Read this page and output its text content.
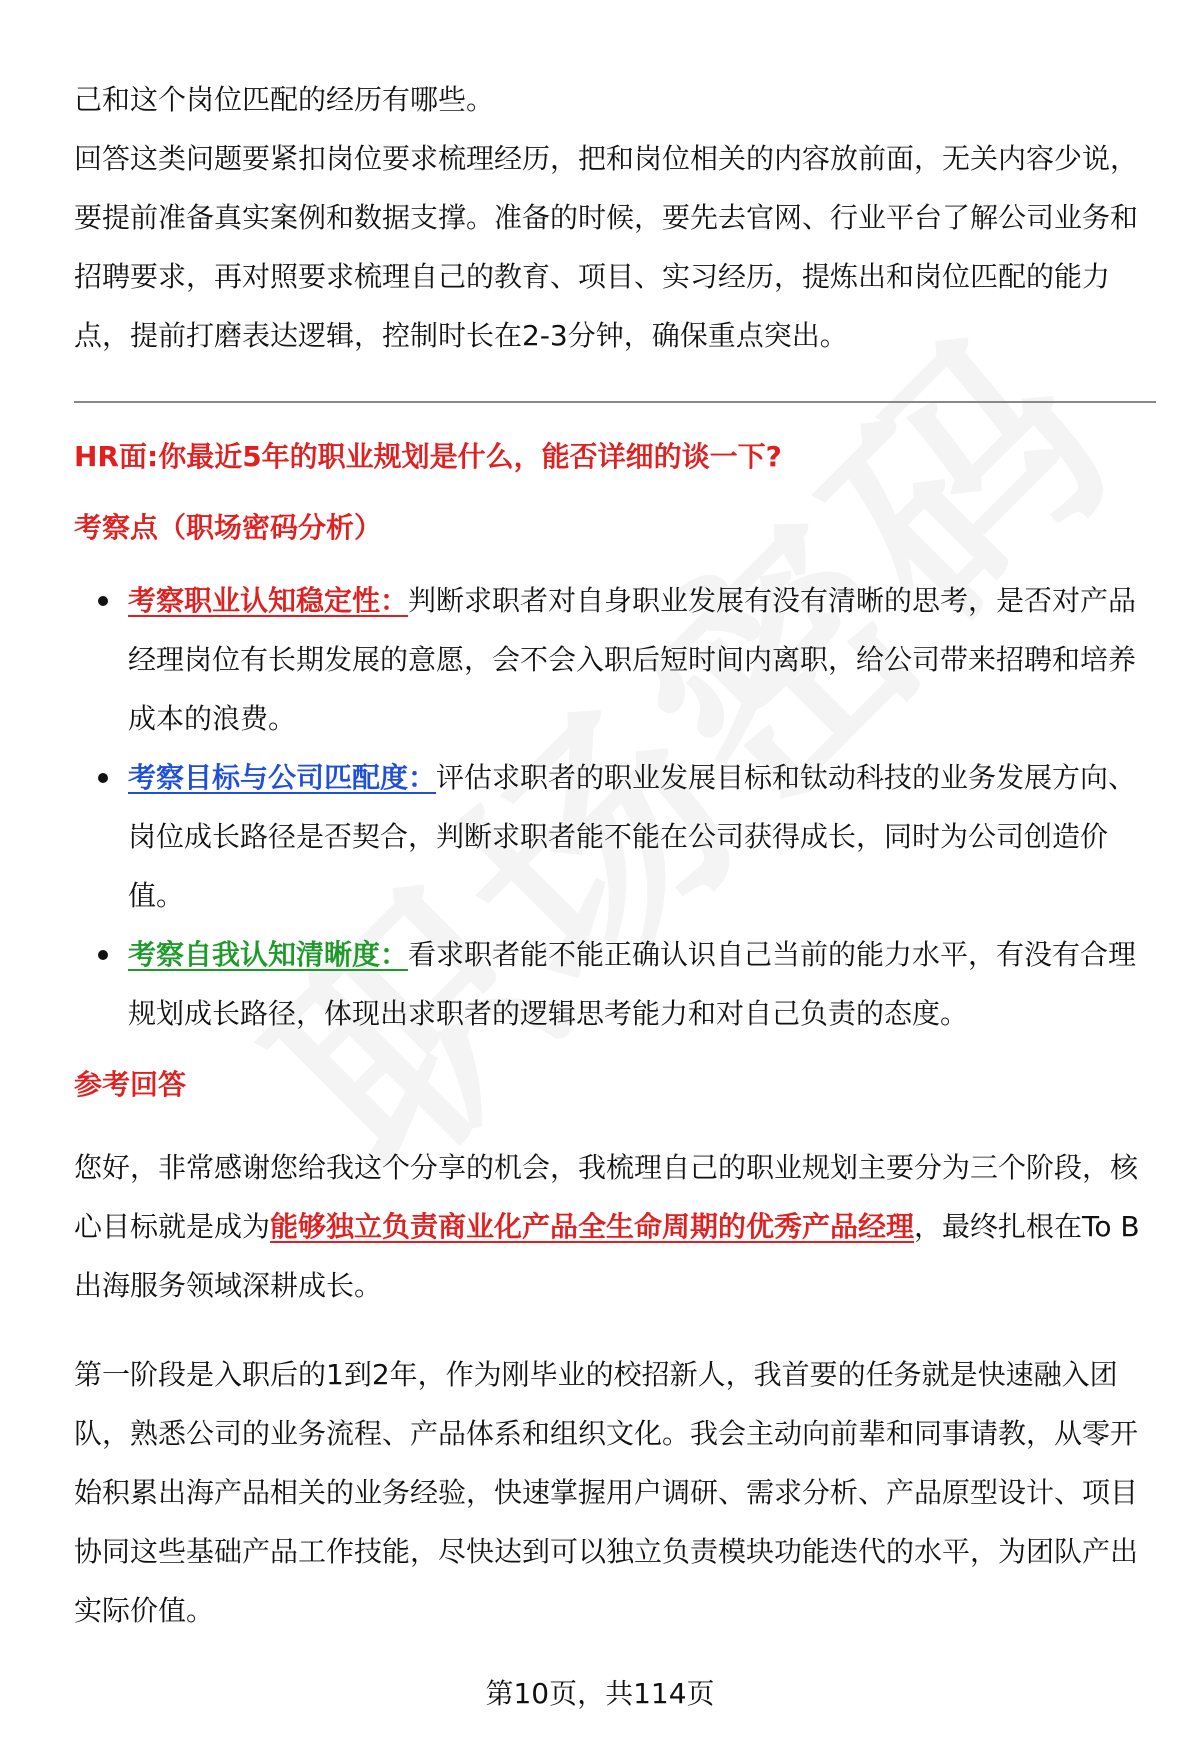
己和这个岗位匹配的经历有哪些。

回答这类问题要紧扣岗位要求梳理经历，把和岗位相关的内容放前面，无关内容少说，要提前准备真实案例和数据支撑。准备的时候，要先去官网、行业平台了解公司业务和招聘要求，再对照要求梳理自己的教育、项目、实习经历，提炼出和岗位匹配的能力点，提前打磨表达逻辑，控制时长在2-3分钟，确保重点突出。

HR面:你最近5年的职业规划是什么，能否详细的谈一下?

考察点（职场密码分析）

考察职业认知稳定性：判断求职者对自身职业发展有没有清晰的思考，是否对产品经理岗位有长期发展的意愿，会不会入职后短时间内离职，给公司带来招聘和培养成本的浪费。
考察目标与公司匹配度：评估求职者的职业发展目标和钛动科技的业务发展方向、岗位成长路径是否契合，判断求职者能不能在公司获得成长，同时为公司创造价值。
考察自我认知清晰度：看求职者能不能正确认识自己当前的能力水平，有没有合理规划成长路径，体现出求职者的逻辑思考能力和对自己负责的态度。

参考回答

您好，非常感谢您给我这个分享的机会，我梳理自己的职业规划主要分为三个阶段，核心目标就是成为能够独立负责商业化产品全生命周期的优秀产品经理，最终扎根在To B出海服务领域深耕成长。

第一阶段是入职后的1到2年，作为刚毕业的校招新人，我首要的任务就是快速融入团队，熟悉公司的业务流程、产品体系和组织文化。我会主动向前辈和同事请教，从零开始积累出海产品相关的业务经验，快速掌握用户调研、需求分析、产品原型设计、项目协同这些基础产品工作技能，尽快达到可以独立负责模块功能迭代的水平，为团队产出实际价值。

第10页，共114页
